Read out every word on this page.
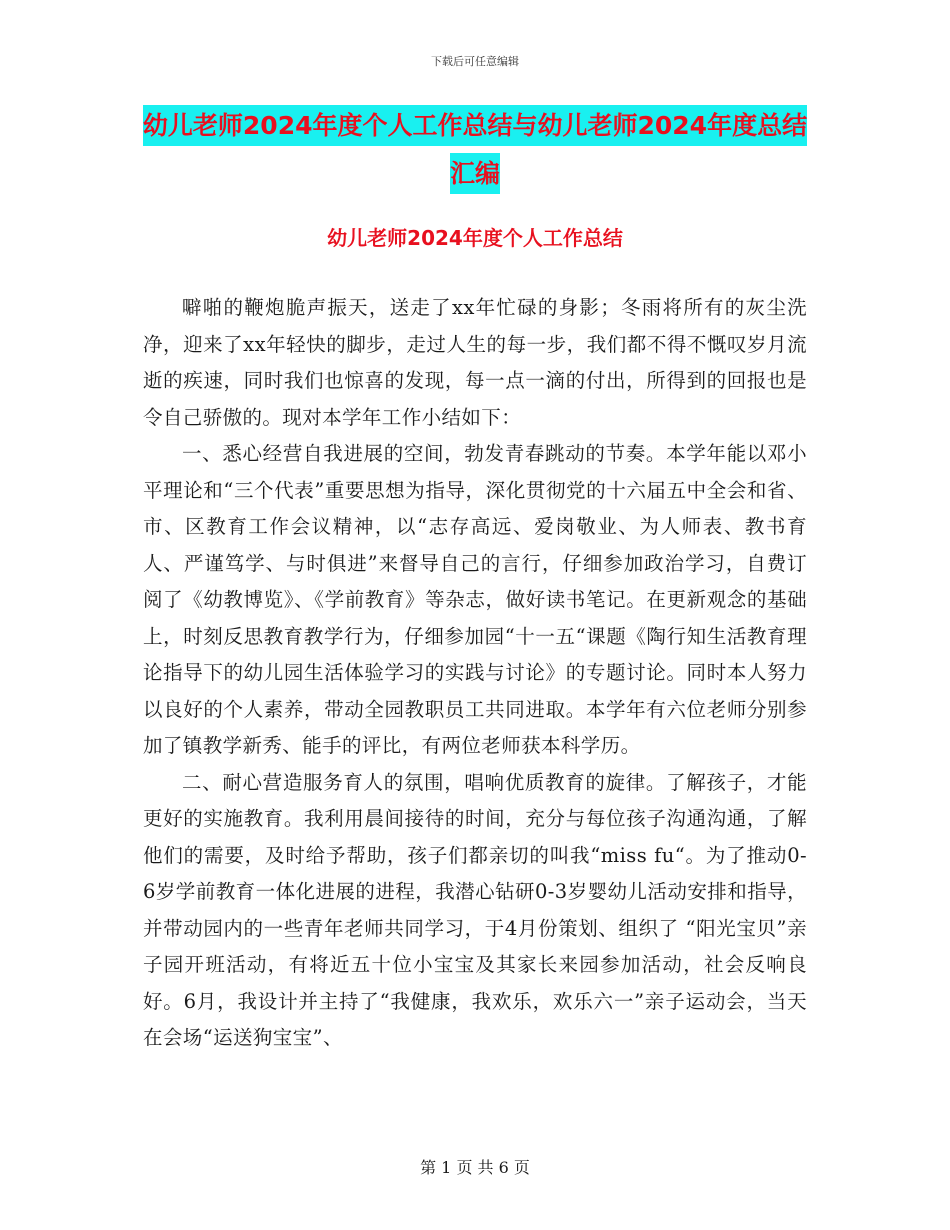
下载后可任意编辑
幼儿老师2024年度个人工作总结与幼儿老师2024年度总结汇编
幼儿老师2024年度个人工作总结

噼啪的鞭炮脆声振天，送走了xx年忙碌的身影；冬雨将所有的灰尘洗净，迎来了xx年轻快的脚步，走过人生的每一步，我们都不得不慨叹岁月流逝的疾速，同时我们也惊喜的发现，每一点一滴的付出，所得到的回报也是令自己骄傲的。现对本学年工作小结如下：

一、悉心经营自我进展的空间，勃发青春跳动的节奏。本学年能以邓小平理论和“三个代表”重要思想为指导，深化贯彻党的十六届五中全会和省、市、区教育工作会议精神，以“志存高远、爱岗敬业、为人师表、教书育人、严谨笃学、与时俱进”来督导自己的言行，仔细参加政治学习，自费订阅了《幼教博览》、《学前教育》等杂志，做好读书笔记。在更新观念的基础上，时刻反思教育教学行为，仔细参加园“十一五“课题《陶行知生活教育理论指导下的幼儿园生活体验学习的实践与讨论》的专题讨论。同时本人努力以良好的个人素养，带动全园教职员工共同进取。本学年有六位老师分别参加了镇教学新秀、能手的评比，有两位老师获本科学历。

二、耐心营造服务育人的氛围，唱响优质教育的旋律。了解孩子，才能更好的实施教育。我利用晨间接待的时间，充分与每位孩子沟通沟通，了解他们的需要，及时给予帮助，孩子们都亲切的叫我“miss fu“。为了推动0-6岁学前教育一体化进展的进程，我潜心钻研0-3岁婴幼儿活动安排和指导，并带动园内的一些青年老师共同学习，于4月份策划、组织了 “阳光宝贝”亲子园开班活动，有将近五十位小宝宝及其家长来园参加活动，社会反响良好。6月，我设计并主持了“我健康，我欢乐，欢乐六一”亲子运动会，当天在会场“运送狗宝宝”、

第 1 页 共 6 页
